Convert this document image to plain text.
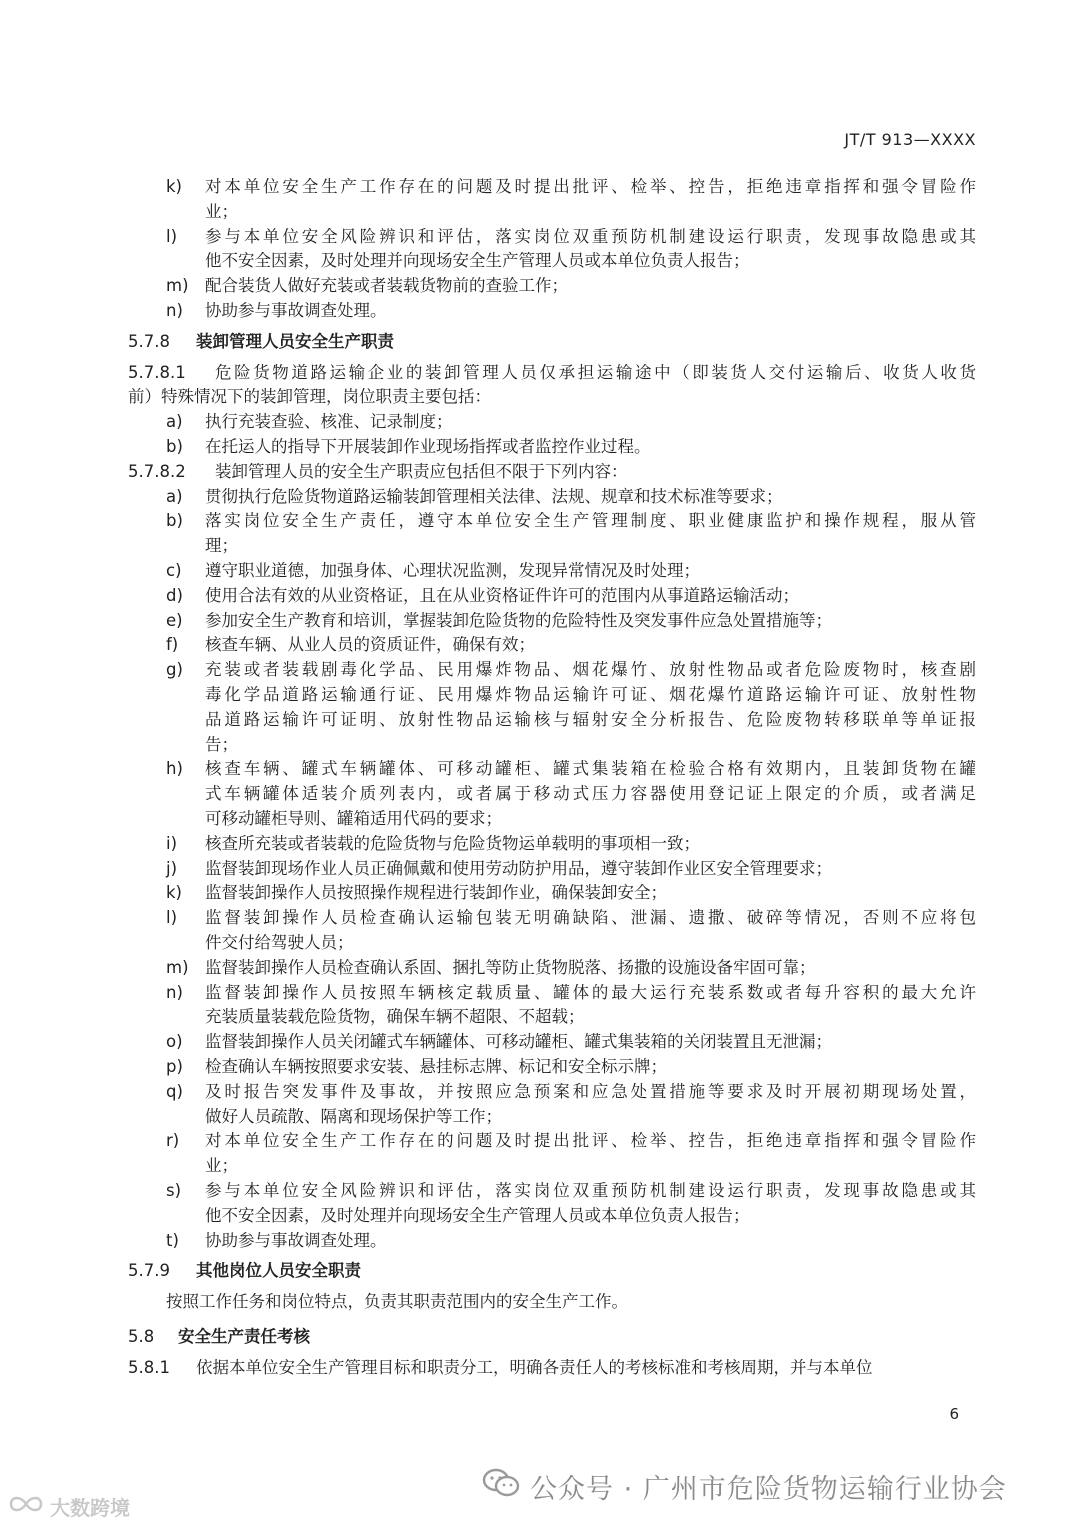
JT/T 913—XXXX
k) 对本单位安全生产工作存在的问题及时提出批评、检举、控告，拒绝违章指挥和强令冒险作
业；
l) 参与本单位安全风险辨识和评估，落实岗位双重预防机制建设运行职责，发现事故隐患或其
他不安全因素，及时处理并向现场安全生产管理人员或本单位负责人报告；
m) 配合装货人做好充装或者装载货物前的查验工作；
n) 协助参与事故调查处理。
5.7.8 装卸管理人员安全生产职责
5.7.8.1 危险货物道路运输企业的装卸管理人员仅承担运输途中（即装货人交付运输后、收货人收货
前）特殊情况下的装卸管理，岗位职责主要包括：
a) 执行充装查验、核准、记录制度；
b) 在托运人的指导下开展装卸作业现场指挥或者监控作业过程。
5.7.8.2 装卸管理人员的安全生产职责应包括但不限于下列内容：
a) 贯彻执行危险货物道路运输装卸管理相关法律、法规、规章和技术标准等要求；
b) 落实岗位安全生产责任，遵守本单位安全生产管理制度、职业健康监护和操作规程，服从管
理；
c) 遵守职业道德，加强身体、心理状况监测，发现异常情况及时处理；
d) 使用合法有效的从业资格证，且在从业资格证件许可的范围内从事道路运输活动；
e) 参加安全生产教育和培训，掌握装卸危险货物的危险特性及突发事件应急处置措施等；
f) 核查车辆、从业人员的资质证件，确保有效；
g) 充装或者装载剧毒化学品、民用爆炸物品、烟花爆竹、放射性物品或者危险废物时，核查剧
毒化学品道路运输通行证、民用爆炸物品运输许可证、烟花爆竹道路运输许可证、放射性物
品道路运输许可证明、放射性物品运输核与辐射安全分析报告、危险废物转移联单等单证报
告；
h) 核查车辆、罐式车辆罐体、可移动罐柜、罐式集装箱在检验合格有效期内，且装卸货物在罐
式车辆罐体适装介质列表内，或者属于移动式压力容器使用登记证上限定的介质，或者满足
可移动罐柜导则、罐箱适用代码的要求；
i) 核查所充装或者装载的危险货物与危险货物运单载明的事项相一致；
j) 监督装卸现场作业人员正确佩戴和使用劳动防护用品，遵守装卸作业区安全管理要求；
k) 监督装卸操作人员按照操作规程进行装卸作业，确保装卸安全；
l) 监督装卸操作人员检查确认运输包装无明确缺陷、泄漏、遗撒、破碎等情况，否则不应将包
件交付给驾驶人员；
m) 监督装卸操作人员检查确认系固、捆扎等防止货物脱落、扬撒的设施设备牢固可靠；
n) 监督装卸操作人员按照车辆核定载质量、罐体的最大运行充装系数或者每升容积的最大允许
充装质量装载危险货物，确保车辆不超限、不超载；
o) 监督装卸操作人员关闭罐式车辆罐体、可移动罐柜、罐式集装箱的关闭装置且无泄漏；
p) 检查确认车辆按照要求安装、悬挂标志牌、标记和安全标示牌；
q) 及时报告突发事件及事故，并按照应急预案和应急处置措施等要求及时开展初期现场处置，
做好人员疏散、隔离和现场保护等工作；
r) 对本单位安全生产工作存在的问题及时提出批评、检举、控告，拒绝违章指挥和强令冒险作
业；
s) 参与本单位安全风险辨识和评估，落实岗位双重预防机制建设运行职责，发现事故隐患或其
他不安全因素，及时处理并向现场安全生产管理人员或本单位负责人报告；
t) 协助参与事故调查处理。
5.7.9 其他岗位人员安全职责
按照工作任务和岗位特点，负责其职责范围内的安全生产工作。
5.8 安全生产责任考核
5.8.1 依据本单位安全生产管理目标和职责分工，明确各责任人的考核标准和考核周期，并与本单位
6
公众号 · 广州市危险货物运输行业协会
大数跨境
